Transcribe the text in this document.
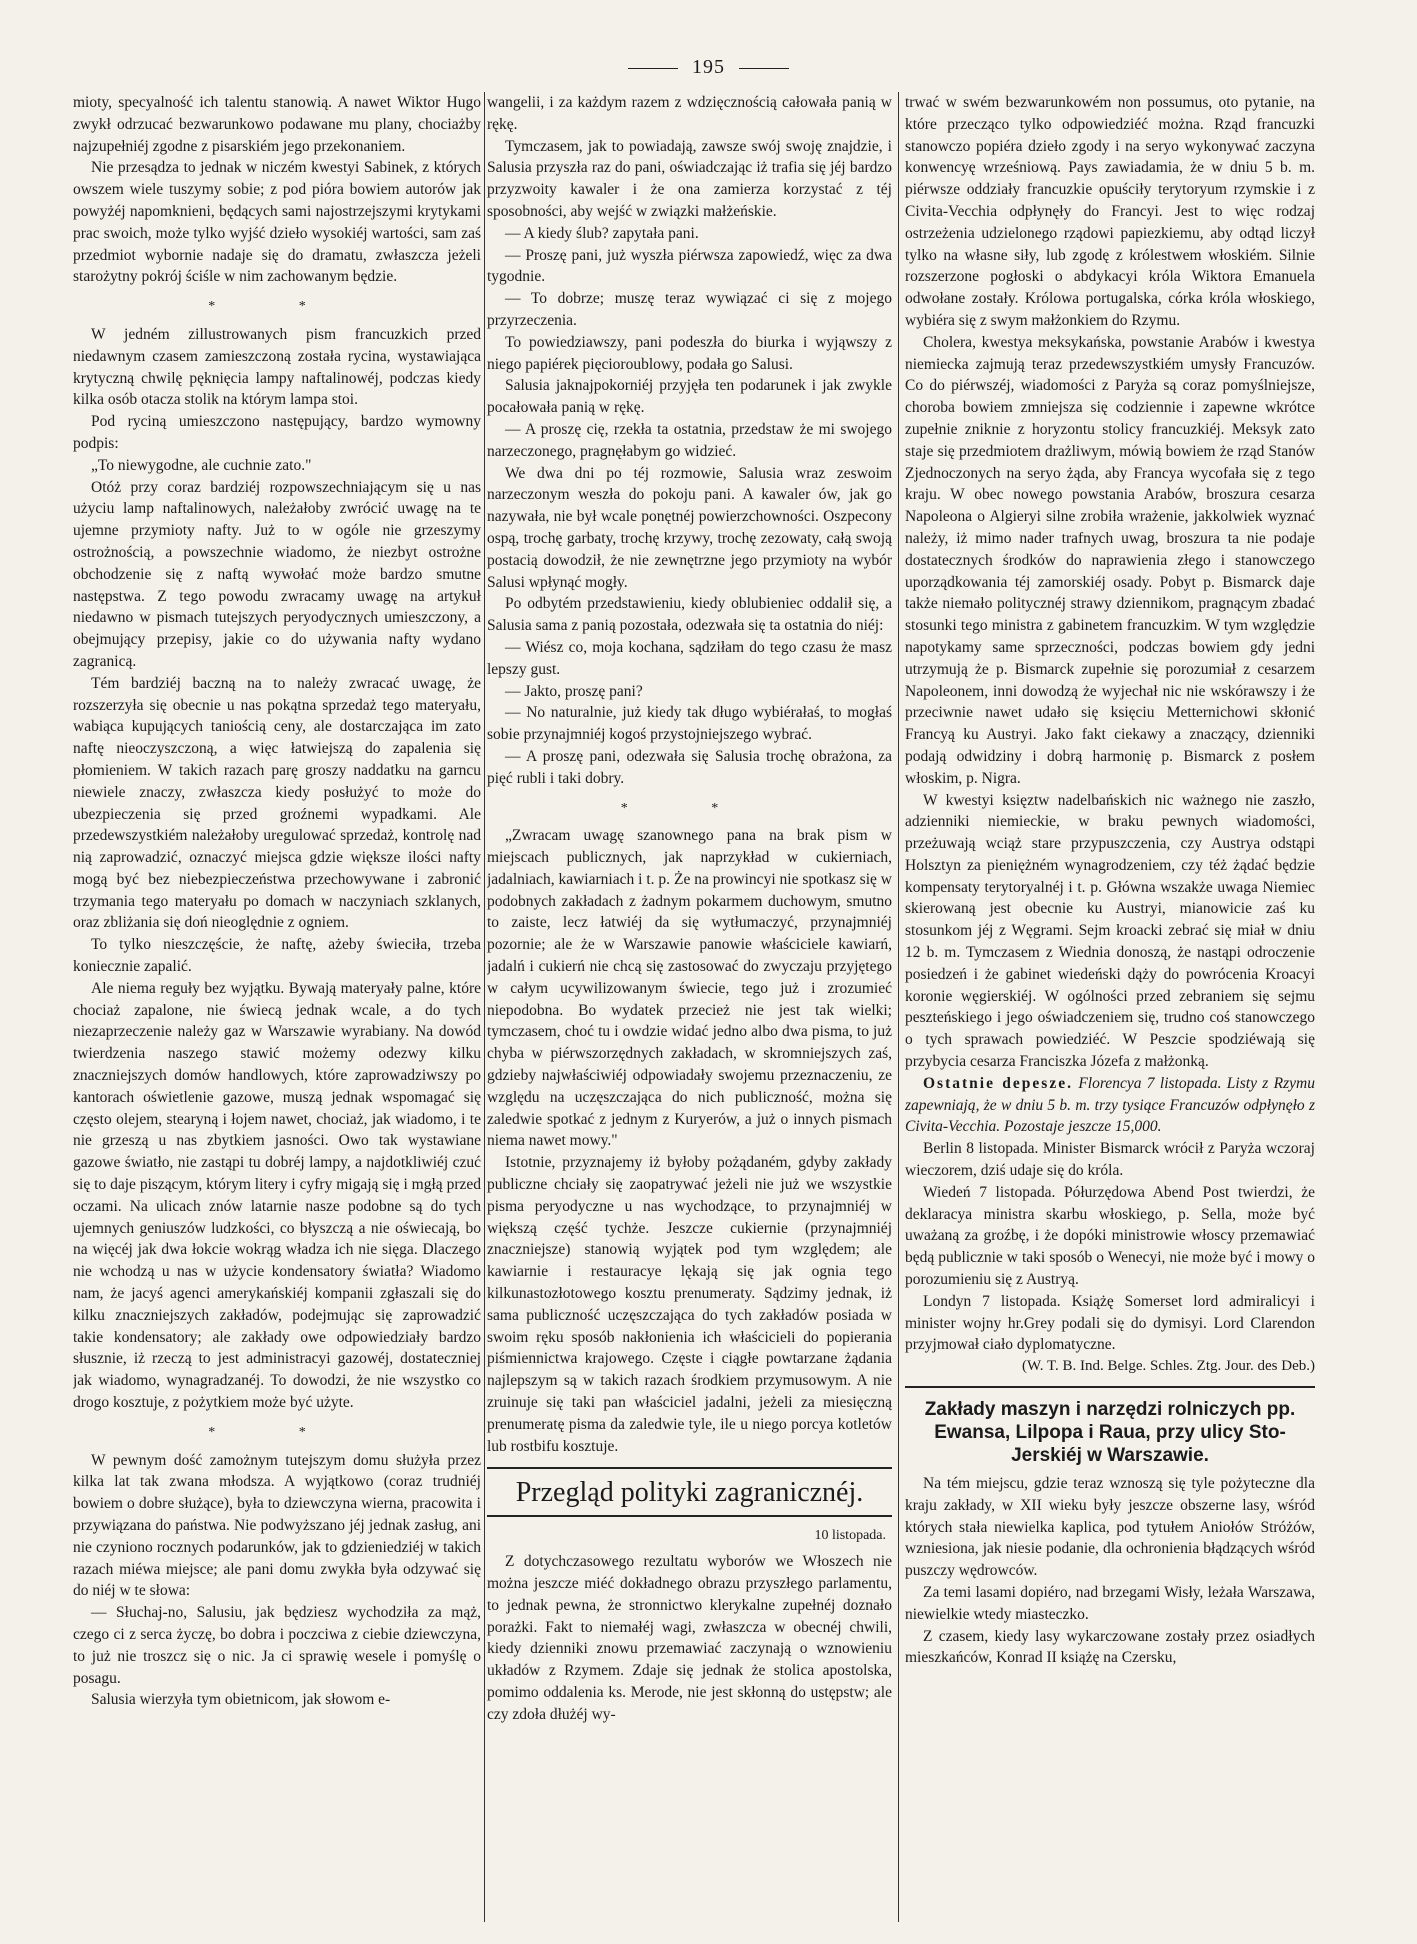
195

mioty, specyalność ich talentu stanowią. A nawet Wiktor Hugo zwykł odrzucać bezwarunkowo podawane mu plany, chociażby najzupełniéj zgodne z pisarskiém jego przekonaniem.

Nie przesądza to jednak w niczém kwestyi Sabinek, z których owszem wiele tuszymy sobie; z pod pióra bowiem autorów jak powyżéj napomknieni, będących sami najostrzejszymi krytykami prac swoich, może tylko wyjść dzieło wysokiéj wartości, sam zaś przedmiot wybornie nadaje się do dramatu, zwłaszcza jeżeli starożytny pokrój ściśle w nim zachowanym będzie.

* *

W jedném zillustrowanych pism francuzkich przed niedawnym czasem zamieszczoną została rycina, wystawiająca krytyczną chwilę pęknięcia lampy naftalinowéj, podczas kiedy kilka osób otacza stolik na którym lampa stoi.

Pod ryciną umieszczono następujący, bardzo wymowny podpis:

„To niewygodne, ale cuchnie zato."

Otóż przy coraz bardziéj rozpowszechniającym się u nas użyciu lamp naftalinowych, należałoby zwrócić uwagę na te ujemne przymioty nafty. Już to w ogóle nie grzeszymy ostrożnością, a powszechnie wiadomo, że niezbyt ostrożne obchodzenie się z naftą wywołać może bardzo smutne następstwa. Z tego powodu zwracamy uwagę na artykuł niedawno w pismach tutejszych peryodycznych umieszczony, a obejmujący przepisy, jakie co do używania nafty wydano zagranicą.

Tém bardziéj baczną na to należy zwracać uwagę, że rozszerzyła się obecnie u nas pokątna sprzedaż tego materyału, wabiąca kupujących taniością ceny, ale dostarczająca im zato naftę nieoczyszczoną, a więc łatwiejszą do zapalenia się płomieniem. W takich razach parę groszy naddatku na garncu niewiele znaczy, zwłaszcza kiedy posłużyć to może do ubezpieczenia się przed groźnemi wypadkami. Ale przedewszystkiém należałoby uregulować sprzedaż, kontrolę nad nią zaprowadzić, oznaczyć miejsca gdzie większe ilości nafty mogą być bez niebezpieczeństwa przechowywane i zabronić trzymania tego materyału po domach w naczyniach szklanych, oraz zbliżania się doń nieoględnie z ogniem.

To tylko nieszczęście, że naftę, ażeby świeciła, trzeba koniecznie zapalić.

Ale niema reguły bez wyjątku. Bywają materyały palne, które chociaż zapalone, nie świecą jednak wcale, a do tych niezaprzeczenie należy gaz w Warszawie wyrabiany. Na dowód twierdzenia naszego stawić możemy odezwy kilku znaczniejszych domów handlowych, które zaprowadziwszy po kantorach oświetlenie gazowe, muszą jednak wspomagać się często olejem, stearyną i łojem nawet, chociaż, jak wiadomo, i te nie grzeszą u nas zbytkiem jasności. Owo tak wystawiane gazowe światło, nie zastąpi tu dobréj lampy, a najdotkliwiéj czuć się to daje piszącym, którym litery i cyfry migają się i mgłą przed oczami. Na ulicach znów latarnie nasze podobne są do tych ujemnych geniuszów ludzkości, co błyszczą a nie oświecają, bo na więcéj jak dwa łokcie wokrąg władza ich nie sięga. Dlaczego nie wchodzą u nas w użycie kondensatory światła? Wiadomo nam, że jacyś agenci amerykańskiéj kompanii zgłaszali się do kilku znaczniejszych zakładów, podejmując się zaprowadzić takie kondensatory; ale zakłady owe odpowiedziały bardzo słusznie, iż rzeczą to jest administracyi gazowéj, dostateczniej jak wiadomo, wynagradzanéj. To dowodzi, że nie wszystko co drogo kosztuje, z pożytkiem może być użyte.

* *

W pewnym dość zamożnym tutejszym domu służyła przez kilka lat tak zwana młodsza. A wyjątkowo (coraz trudniéj bowiem o dobre służące), była to dziewczyna wierna, pracowita i przywiązana do państwa. Nie podwyższano jéj jednak zasług, ani nie czyniono rocznych podarunków, jak to gdzieniedziéj w takich razach miéwa miejsce; ale pani domu zwykła była odzywać się do niéj w te słowa:

— Słuchaj-no, Salusiu, jak będziesz wychodziła za mąż, czego ci z serca życzę, bo dobra i poczciwa z ciebie dziewczyna, to już nie troszcz się o nic. Ja ci sprawię wesele i pomyślę o posagu.

Salusia wierzyła tym obietnicom, jak słowom e-

wangelii, i za każdym razem z wdzięcznością całowała panią w rękę.

Tymczasem, jak to powiadają, zawsze swój swoję znajdzie, i Salusia przyszła raz do pani, oświadczając iż trafia się jéj bardzo przyzwoity kawaler i że ona zamierza korzystać z téj sposobności, aby wejść w związki małżeńskie.

— A kiedy ślub? zapytała pani.

— Proszę pani, już wyszła piérwsza zapowiedź, więc za dwa tygodnie.

— To dobrze; muszę teraz wywiązać ci się z mojego przyrzeczenia.

To powiedziawszy, pani podeszła do biurka i wyjąwszy z niego papiérek pięcioroublowy, podała go Salusi.

Salusia jaknajpokorniéj przyjęła ten podarunek i jak zwykle pocałowała panią w rękę.

— A proszę cię, rzekła ta ostatnia, przedstaw że mi swojego narzeczonego, pragnęłabym go widzieć.

We dwa dni po téj rozmowie, Salusia wraz zeswoim narzeczonym weszła do pokoju pani. A kawaler ów, jak go nazywała, nie był wcale ponętnéj powierzchowności. Oszpecony ospą, trochę garbaty, trochę krzywy, trochę zezowaty, całą swoją postacią dowodził, że nie zewnętrzne jego przymioty na wybór Salusi wpłynąć mogły.

Po odbytém przedstawieniu, kiedy oblubieniec oddalił się, a Salusia sama z panią pozostała, odezwała się ta ostatnia do niéj:

— Wiész co, moja kochana, sądziłam do tego czasu że masz lepszy gust.

— Jakto, proszę pani?

— No naturalnie, już kiedy tak długo wybiérałaś, to mogłaś sobie przynajmniéj kogoś przystojniejszego wybrać.

— A proszę pani, odezwała się Salusia trochę obrażona, za pięć rubli i taki dobry.

* *

„Zwracam uwagę szanownego pana na brak pism w miejscach publicznych, jak naprzykład w cukierniach, jadalniach, kawiarniach i t. p. Że na prowincyi nie spotkasz się w podobnych zakładach z żadnym pokarmem duchowym, smutno to zaiste, lecz łatwiéj da się wytłumaczyć, przynajmniéj pozornie; ale że w Warszawie panowie właściciele kawiarń, jadalń i cukierń nie chcą się zastosować do zwyczaju przyjętego w całym ucywilizowanym świecie, tego już i zrozumieć niepodobna. Bo wydatek przecież nie jest tak wielki; tymczasem, choć tu i owdzie widać jedno albo dwa pisma, to już chyba w piérwszorzędnych zakładach, w skromniejszych zaś, gdzieby najwłaściwiéj odpowiadały swojemu przeznaczeniu, ze względu na uczęszczająca do nich publiczność, można się zaledwie spotkać z jednym z Kuryerów, a już o innych pismach niema nawet mowy."

Istotnie, przyznajemy iż byłoby pożądaném, gdyby zakłady publiczne chciały się zaopatrywać jeżeli nie już we wszystkie pisma peryodyczne u nas wychodzące, to przynajmniéj w większą część tychże. Jeszcze cukiernie (przynajmniéj znaczniejsze) stanowią wyjątek pod tym względem; ale kawiarnie i restauracye lękają się jak ognia tego kilkunastozłotowego kosztu prenumeraty. Sądzimy jednak, iż sama publiczność uczęszczająca do tych zakładów posiada w swoim ręku sposób nakłonienia ich właścicieli do popierania piśmiennictwa krajowego. Częste i ciągłe powtarzane żądania najlepszym są w takich razach środkiem przymusowym. A nie zruinuje się taki pan właściciel jadalni, jeżeli za miesięczną prenumeratę pisma da zaledwie tyle, ile u niego porcya kotletów lub rostbifu kosztuje.

Przegląd polityki zagranicznéj.
10 listopada.

Z dotychczasowego rezultatu wyborów we Włoszech nie można jeszcze miéć dokładnego obrazu przyszłego parlamentu, to jednak pewna, że stronnictwo klerykalne zupełnéj doznało porażki. Fakt to niemałéj wagi, zwłaszcza w obecnéj chwili, kiedy dzienniki znowu przemawiać zaczynają o wznowieniu układów z Rzymem. Zdaje się jednak że stolica apostolska, pomimo oddalenia ks. Merode, nie jest skłonną do ustępstw; ale czy zdoła dłużéj wy-

trwać w swém bezwarunkowém non possumus, oto pytanie, na które przecząco tylko odpowiedziéć można. Rząd francuzki stanowczo popiéra dzieło zgody i na seryo wykonywać zaczyna konwencyę wrześniową. Pays zawiadamia, że w dniu 5 b. m. piérwsze oddziały francuzkie opuściły terytoryum rzymskie i z Civita-Vecchia odpłynęły do Francyi. Jest to więc rodzaj ostrzeżenia udzielonego rządowi papiezkiemu, aby odtąd liczył tylko na własne siły, lub zgodę z królestwem włoskiém. Silnie rozszerzone pogłoski o abdykacyi króla Wiktora Emanuela odwołane zostały. Królowa portugalska, córka króla włoskiego, wybiéra się z swym małżonkiem do Rzymu.

Cholera, kwestya meksykańska, powstanie Arabów i kwestya niemiecka zajmują teraz przedewszystkiém umysły Francuzów. Co do piérwszéj, wiadomości z Paryża są coraz pomyślniejsze, choroba bowiem zmniejsza się codziennie i zapewne wkrótce zupełnie zniknie z horyzontu stolicy francuzkiéj. Meksyk zato staje się przedmiotem drażliwym, mówią bowiem że rząd Stanów Zjednoczonych na seryo żąda, aby Francya wycofała się z tego kraju. W obec nowego powstania Arabów, broszura cesarza Napoleona o Algieryi silne zrobiła wrażenie, jakkolwiek wyznać należy, iż mimo nader trafnych uwag, broszura ta nie podaje dostatecznych środków do naprawienia złego i stanowczego uporządkowania téj zamorskiéj osady. Pobyt p. Bismarck daje także niemało politycznéj strawy dziennikom, pragnącym zbadać stosunki tego ministra z gabinetem francuzkim. W tym względzie napotykamy same sprzeczności, podczas bowiem gdy jedni utrzymują że p. Bismarck zupełnie się porozumiał z cesarzem Napoleonem, inni dowodzą że wyjechał nic nie wskórawszy i że przeciwnie nawet udało się księciu Metternichowi skłonić Francyą ku Austryi. Jako fakt ciekawy a znaczący, dzienniki podają odwidziny i dobrą harmonię p. Bismarck z posłem włoskim, p. Nigra.

W kwestyi księztw nadelbańskich nic ważnego nie zaszło, adzienniki niemieckie, w braku pewnych wiadomości, przeżuwają wciąż stare przypuszczenia, czy Austrya odstąpi Holsztyn za pieniężném wynagrodzeniem, czy téż żądać będzie kompensaty terytoryalnéj i t. p. Główna wszakże uwaga Niemiec skierowaną jest obecnie ku Austryi, mianowicie zaś ku stosunkom jéj z Węgrami. Sejm kroacki zebrać się miał w dniu 12 b. m. Tymczasem z Wiednia donoszą, że nastąpi odroczenie posiedzeń i że gabinet wiedeński dąży do powrócenia Kroacyi koronie węgierskiéj. W ogólności przed zebraniem się sejmu peszteńskiego i jego oświadczeniem się, trudno coś stanowczego o tych sprawach powiedziéć. W Peszcie spodziéwają się przybycia cesarza Franciszka Józefa z małżonką.

Ostatnie depesze. Florencya 7 listopada. Listy z Rzymu zapewniają, że w dniu 5 b. m. trzy tysiące Francuzów odpłynęło z Civita-Vecchia. Pozostaje jeszcze 15,000.

Berlin 8 listopada. Minister Bismarck wrócił z Paryża wczoraj wieczorem, dziś udaje się do króla.

Wiedeń 7 listopada. Półurzędowa Abend Post twierdzi, że deklaracya ministra skarbu włoskiego, p. Sella, może być uważaną za groźbę, i że dopóki ministrowie włoscy przemawiać będą publicznie w taki sposób o Wenecyi, nie może być i mowy o porozumieniu się z Austryą.

Londyn 7 listopada. Książę Somerset lord admiralicyi i minister wojny hr.Grey podali się do dymisyi. Lord Clarendon przyjmował ciało dyplomatyczne.

(W. T. B. Ind. Belge. Schles. Ztg. Jour. des Deb.)
Zakłady maszyn i narzędzi rolniczych pp. Ewansa, Lilpopa i Raua, przy ulicy Sto-Jerskiéj w Warszawie.

Na tém miejscu, gdzie teraz wznoszą się tyle pożyteczne dla kraju zakłady, w XII wieku były jeszcze obszerne lasy, wśród których stała niewielka kaplica, pod tytułem Aniołów Stróżów, wzniesiona, jak niesie podanie, dla ochronienia błądzących wśród puszczy wędrowców.

Za temi lasami dopiéro, nad brzegami Wisły, leżała Warszawa, niewielkie wtedy miasteczko.

Z czasem, kiedy lasy wykarczowane zostały przez osiadłych mieszkańców, Konrad II książę na Czersku,
